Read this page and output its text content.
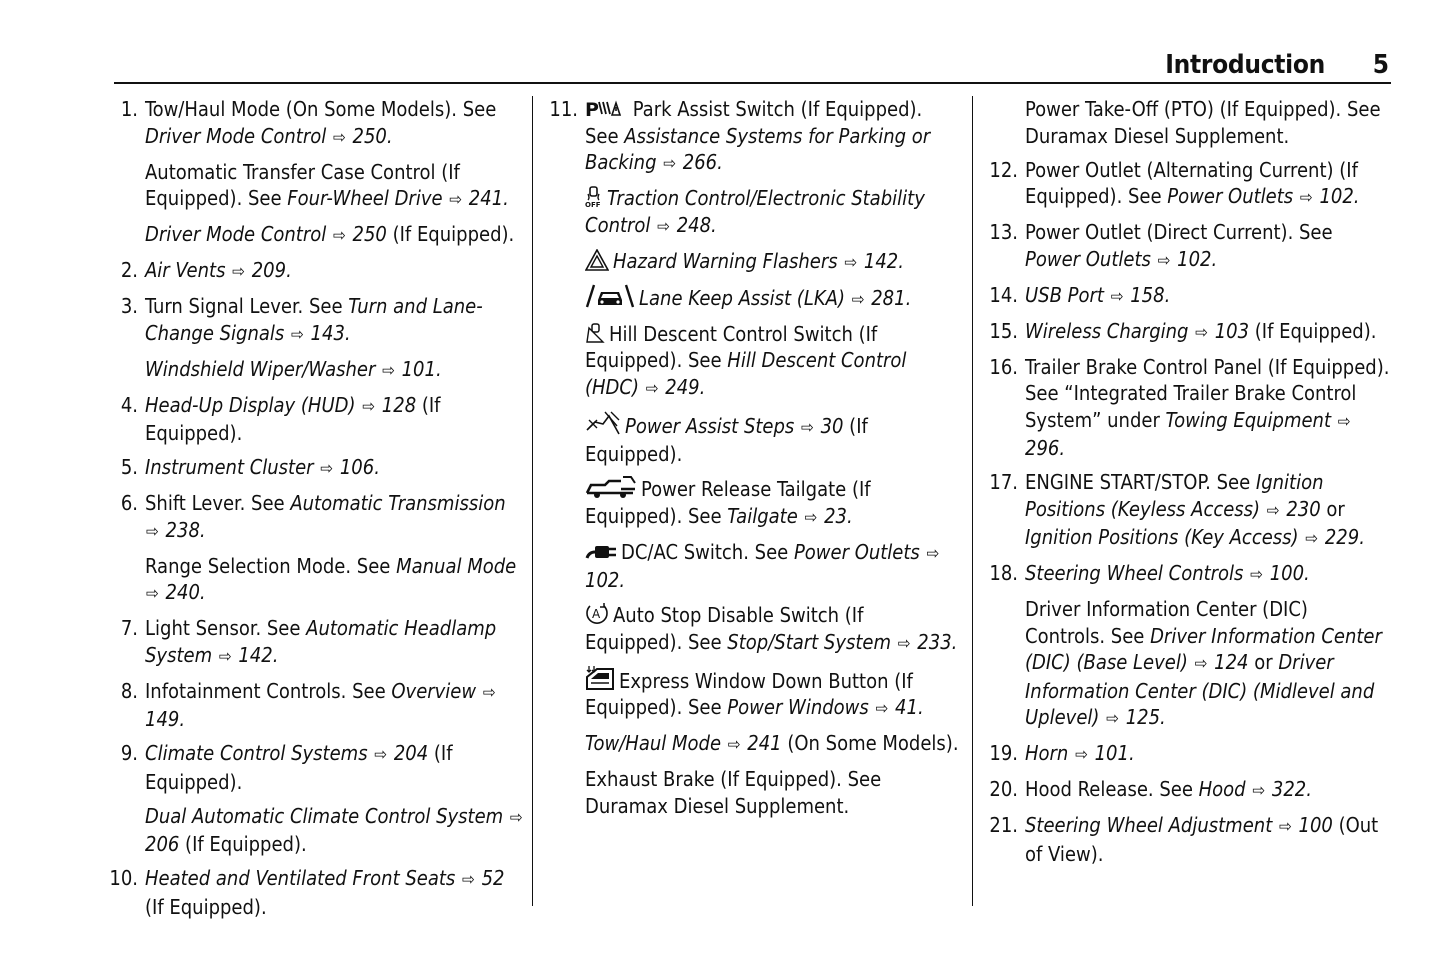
Introduction 5
1. Tow/Haul Mode (On Some Models). See Driver Mode Control ⇨ 250.

Automatic Transfer Case Control (If Equipped). See Four-Wheel Drive ⇨ 241.

Driver Mode Control ⇨ 250 (If Equipped).

2. Air Vents ⇨ 209.

3. Turn Signal Lever. See Turn and Lane-Change Signals ⇨ 143.

Windshield Wiper/Washer ⇨ 101.

4. Head-Up Display (HUD) ⇨ 128 (If Equipped).

5. Instrument Cluster ⇨ 106.

6. Shift Lever. See Automatic Transmission ⇨ 238.

Range Selection Mode. See Manual Mode ⇨ 240.

7. Light Sensor. See Automatic Headlamp System ⇨ 142.

8. Infotainment Controls. See Overview ⇨ 149.

9. Climate Control Systems ⇨ 204 (If Equipped).

Dual Automatic Climate Control System ⇨ 206 (If Equipped).

10. Heated and Ventilated Front Seats ⇨ 52 (If Equipped).

11. P Park Assist Switch (If Equipped). See Assistance Systems for Parking or Backing ⇨ 266.

OFF Traction Control/Electronic Stability Control ⇨ 248.

Hazard Warning Flashers ⇨ 142.

Lane Keep Assist (LKA) ⇨ 281.

Hill Descent Control Switch (If Equipped). See Hill Descent Control (HDC) ⇨ 249.

Power Assist Steps ⇨ 30 (If Equipped).

Power Release Tailgate (If Equipped). See Tailgate ⇨ 23.

DC/AC Switch. See Power Outlets ⇨ 102.

A Auto Stop Disable Switch (If Equipped). See Stop/Start System ⇨ 233.

Express Window Down Button (If Equipped). See Power Windows ⇨ 41.

Tow/Haul Mode ⇨ 241 (On Some Models).

Exhaust Brake (If Equipped). See Duramax Diesel Supplement.

Power Take-Off (PTO) (If Equipped). See Duramax Diesel Supplement.

12. Power Outlet (Alternating Current) (If Equipped). See Power Outlets ⇨ 102.

13. Power Outlet (Direct Current). See Power Outlets ⇨ 102.

14. USB Port ⇨ 158.

15. Wireless Charging ⇨ 103 (If Equipped).

16. Trailer Brake Control Panel (If Equipped). See “Integrated Trailer Brake Control System” under Towing Equipment ⇨ 296.

17. ENGINE START/STOP. See Ignition Positions (Keyless Access) ⇨ 230 or Ignition Positions (Key Access) ⇨ 229.

18. Steering Wheel Controls ⇨ 100.

Driver Information Center (DIC) Controls. See Driver Information Center (DIC) (Base Level) ⇨ 124 or Driver Information Center (DIC) (Midlevel and Uplevel) ⇨ 125.

19. Horn ⇨ 101.

20. Hood Release. See Hood ⇨ 322.

21. Steering Wheel Adjustment ⇨ 100 (Out of View).
